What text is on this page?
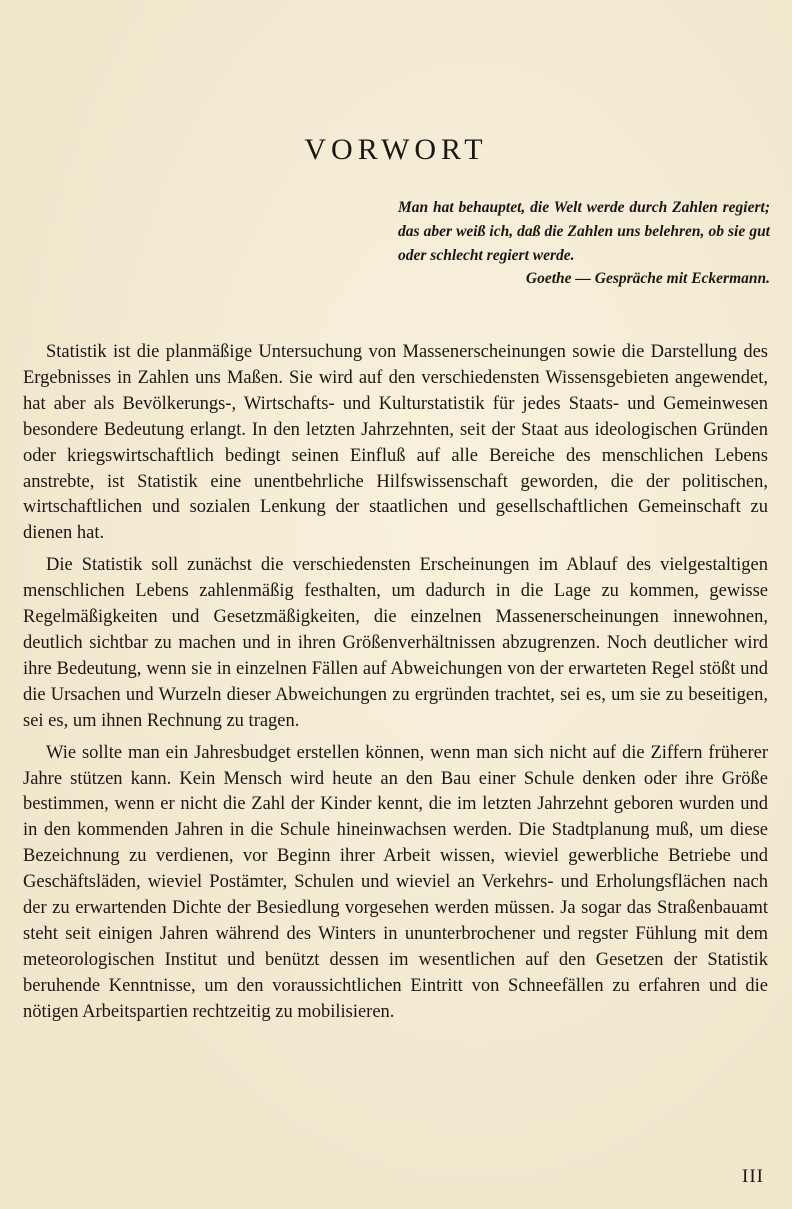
VORWORT
Man hat behauptet, die Welt werde durch Zahlen regiert; das aber weiß ich, daß die Zahlen uns belehren, ob sie gut oder schlecht regiert werde.
Goethe — Gespräche mit Eckermann.

Statistik ist die planmäßige Untersuchung von Massenerscheinungen sowie die Darstellung des Ergebnisses in Zahlen uns Maßen. Sie wird auf den verschiedensten Wissensgebieten angewendet, hat aber als Bevölkerungs-, Wirtschafts- und Kulturstatistik für jedes Staats- und Gemeinwesen besondere Bedeutung erlangt. In den letzten Jahrzehnten, seit der Staat aus ideologischen Gründen oder kriegswirtschaftlich bedingt seinen Einfluß auf alle Bereiche des menschlichen Lebens anstrebte, ist Statistik eine unentbehrliche Hilfswissenschaft geworden, die der politischen, wirtschaftlichen und sozialen Lenkung der staatlichen und gesellschaftlichen Gemeinschaft zu dienen hat.

Die Statistik soll zunächst die verschiedensten Erscheinungen im Ablauf des vielgestaltigen menschlichen Lebens zahlenmäßig festhalten, um dadurch in die Lage zu kommen, gewisse Regelmäßigkeiten und Gesetzmäßigkeiten, die einzelnen Massenerscheinungen innewohnen, deutlich sichtbar zu machen und in ihren Größenverhältnissen abzugrenzen. Noch deutlicher wird ihre Bedeutung, wenn sie in einzelnen Fällen auf Abweichungen von der erwarteten Regel stößt und die Ursachen und Wurzeln dieser Abweichungen zu ergründen trachtet, sei es, um sie zu beseitigen, sei es, um ihnen Rechnung zu tragen.

Wie sollte man ein Jahresbudget erstellen können, wenn man sich nicht auf die Ziffern früherer Jahre stützen kann. Kein Mensch wird heute an den Bau einer Schule denken oder ihre Größe bestimmen, wenn er nicht die Zahl der Kinder kennt, die im letzten Jahrzehnt geboren wurden und in den kommenden Jahren in die Schule hineinwachsen werden. Die Stadtplanung muß, um diese Bezeichnung zu verdienen, vor Beginn ihrer Arbeit wissen, wieviel gewerbliche Betriebe und Geschäftsläden, wieviel Postämter, Schulen und wieviel an Verkehrs- und Erholungsflächen nach der zu erwartenden Dichte der Besiedlung vorgesehen werden müssen. Ja sogar das Straßenbauamt steht seit einigen Jahren während des Winters in ununterbrochener und regster Fühlung mit dem meteorologischen Institut und benützt dessen im wesentlichen auf den Gesetzen der Statistik beruhende Kenntnisse, um den voraussichtlichen Eintritt von Schneefällen zu erfahren und die nötigen Arbeitspartien rechtzeitig zu mobilisieren.

III
